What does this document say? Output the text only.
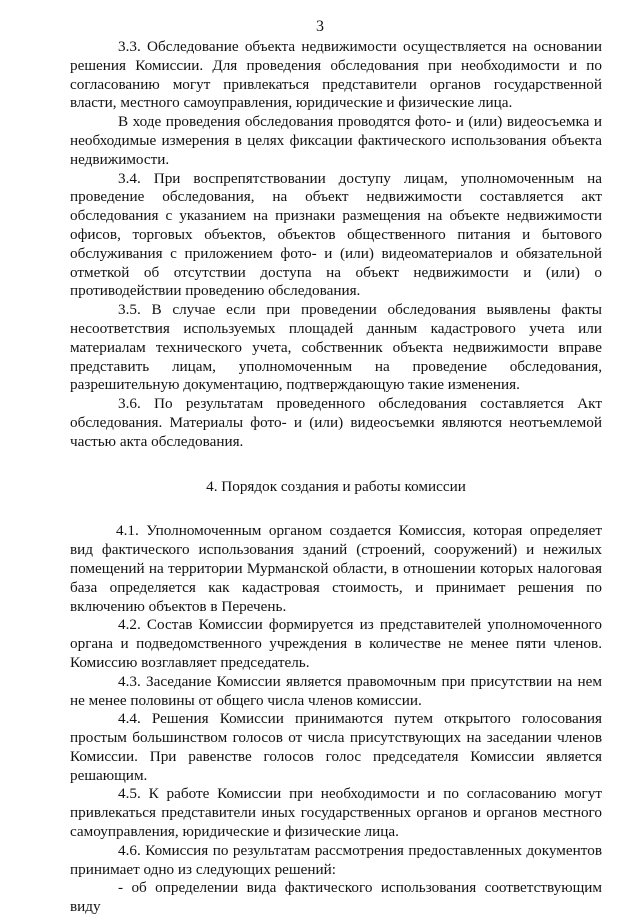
3

3.3. Обследование объекта недвижимости осуществляется на основании решения Комиссии. Для проведения обследования при необходимости и по согласованию могут привлекаться представители органов государственной власти, местного самоуправления, юридические и физические лица.

В ходе проведения обследования проводятся фото- и (или) видеосъемка и необходимые измерения в целях фиксации фактического использования объекта недвижимости.

3.4. При воспрепятствовании доступу лицам, уполномоченным на проведение обследования, на объект недвижимости составляется акт обследования с указанием на признаки размещения на объекте недвижимости офисов, торговых объектов, объектов общественного питания и бытового обслуживания с приложением фото- и (или) видеоматериалов и обязательной отметкой об отсутствии доступа на объект недвижимости и (или) о противодействии проведению обследования.

3.5. В случае если при проведении обследования выявлены факты несоответствия используемых площадей данным кадастрового учета или материалам технического учета, собственник объекта недвижимости вправе представить лицам, уполномоченным на проведение обследования, разрешительную документацию, подтверждающую такие изменения.

3.6. По результатам проведенного обследования составляется Акт обследования. Материалы фото- и (или) видеосъемки являются неотъемлемой частью акта обследования.

4. Порядок создания и работы комиссии

4.1. Уполномоченным органом создается Комиссия, которая определяет вид фактического использования зданий (строений, сооружений) и нежилых помещений на территории Мурманской области, в отношении которых налоговая база определяется как кадастровая стоимость, и принимает решения по включению объектов в Перечень.

4.2. Состав Комиссии формируется из представителей уполномоченного органа и подведомственного учреждения в количестве не менее пяти членов. Комиссию возглавляет председатель.

4.3. Заседание Комиссии является правомочным при присутствии на нем не менее половины от общего числа членов комиссии.

4.4. Решения Комиссии принимаются путем открытого голосования простым большинством голосов от числа присутствующих на заседании членов Комиссии. При равенстве голосов голос председателя Комиссии является решающим.

4.5. К работе Комиссии при необходимости и по согласованию могут привлекаться представители иных государственных органов и органов местного самоуправления, юридические и физические лица.

4.6. Комиссия по результатам рассмотрения предоставленных документов принимает одно из следующих решений:

- об определении вида фактического использования соответствующим виду
